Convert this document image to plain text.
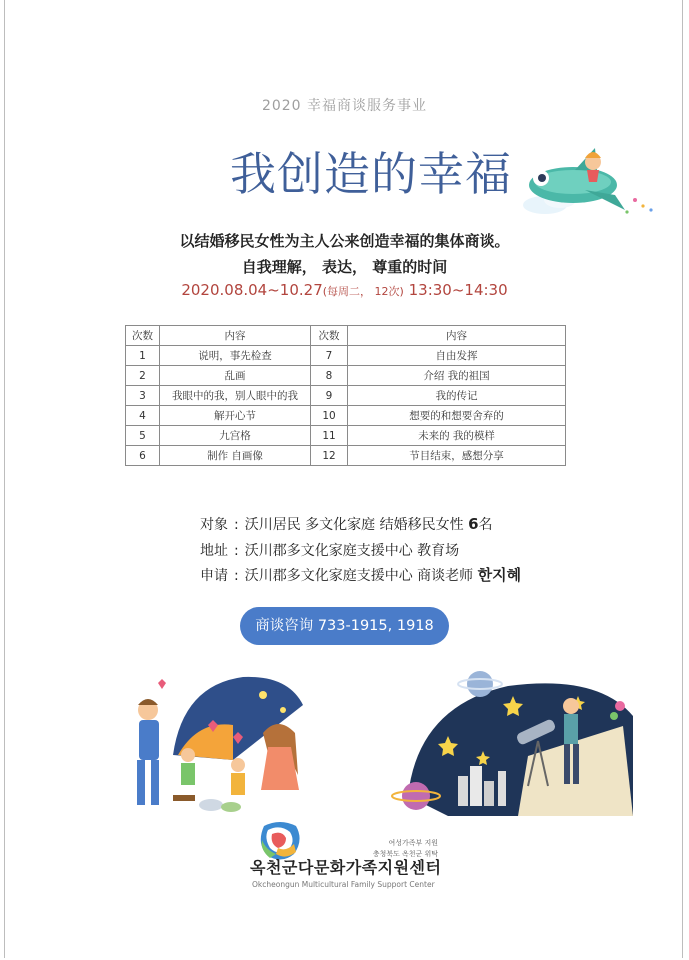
2020 幸福商谈服务事业
我创造的幸福
以结婚移民女性为主人公来创造幸福的集体商谈。
自我理解， 表达， 尊重的时间
2020.08.04~10.27(每周二， 12次) 13:30~14:30
次数	内容	次数	内容
1	说明，事先检查	7	自由发挥
2	乱画	8	介绍 我的祖国
3	我眼中的我，别人眼中的我	9	我的传记
4	解开心节	10	想要的和想要舍弃的
5	九宫格	11	未来的 我的模样
6	制作 自画像	12	节目结束，感想分享
对象 : 沃川居民 多文化家庭 结婚移民女性 6名
地址 : 沃川郡多文化家庭支援中心 教育场
申请 : 沃川郡多文化家庭支援中心 商谈老师 한지혜
商谈咨询 733-1915, 1918
여성가족부 지원
충청북도 옥천군 위탁
옥천군다문화가족지원센터
Okcheongun Multicultural Family Support Center
